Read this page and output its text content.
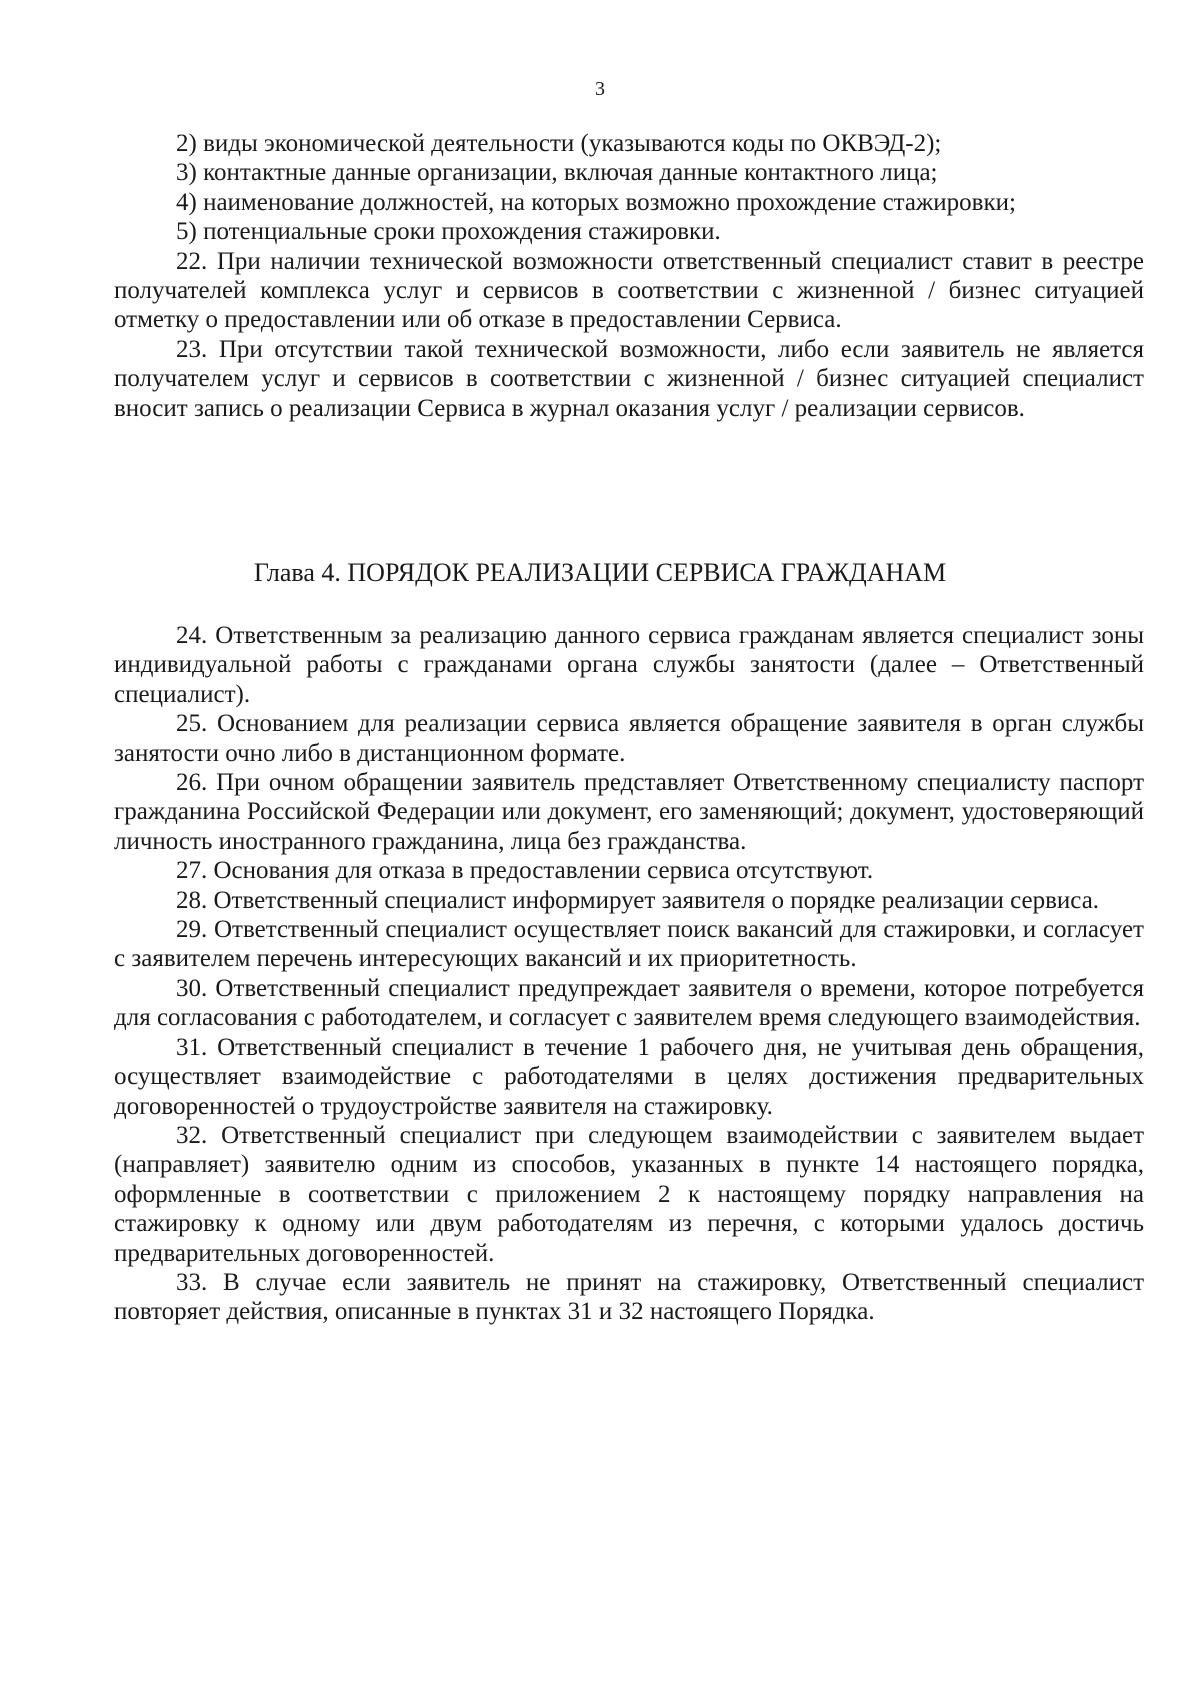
3

2) виды экономической деятельности (указываются коды по ОКВЭД-2);

3) контактные данные организации, включая данные контактного лица;

4) наименование должностей, на которых возможно прохождение стажировки;

5) потенциальные сроки прохождения стажировки.

22. При наличии технической возможности ответственный специалист ставит в реестре получателей комплекса услуг и сервисов в соответствии с жизненной / бизнес ситуацией отметку о предоставлении или об отказе в предоставлении Сервиса.

23. При отсутствии такой технической возможности, либо если заявитель не является получателем услуг и сервисов в соответствии с жизненной / бизнес ситуацией специалист вносит запись о реализации Сервиса в журнал оказания услуг / реализации сервисов.

Глава 4. ПОРЯДОК РЕАЛИЗАЦИИ СЕРВИСА ГРАЖДАНАМ

24. Ответственным за реализацию данного сервиса гражданам является специалист зоны индивидуальной работы с гражданами органа службы занятости (далее – Ответственный специалист).

25. Основанием для реализации сервиса является обращение заявителя в орган службы занятости очно либо в дистанционном формате.

26. При очном обращении заявитель представляет Ответственному специалисту паспорт гражданина Российской Федерации или документ, его заменяющий; документ, удостоверяющий личность иностранного гражданина, лица без гражданства.

27. Основания для отказа в предоставлении сервиса отсутствуют.

28. Ответственный специалист информирует заявителя о порядке реализации сервиса.

29. Ответственный специалист осуществляет поиск вакансий для стажировки, и согласует с заявителем перечень интересующих вакансий и их приоритетность.

30. Ответственный специалист предупреждает заявителя о времени, которое потребуется для согласования с работодателем, и согласует с заявителем время следующего взаимодействия.

31. Ответственный специалист в течение 1 рабочего дня, не учитывая день обращения, осуществляет взаимодействие с работодателями в целях достижения предварительных договоренностей о трудоустройстве заявителя на стажировку.

32. Ответственный специалист при следующем взаимодействии с заявителем выдает (направляет) заявителю одним из способов, указанных в пункте 14 настоящего порядка, оформленные в соответствии с приложением 2 к настоящему порядку направления на стажировку к одному или двум работодателям из перечня, с которыми удалось достичь предварительных договоренностей.

33. В случае если заявитель не принят на стажировку, Ответственный специалист повторяет действия, описанные в пунктах 31 и 32 настоящего Порядка.
